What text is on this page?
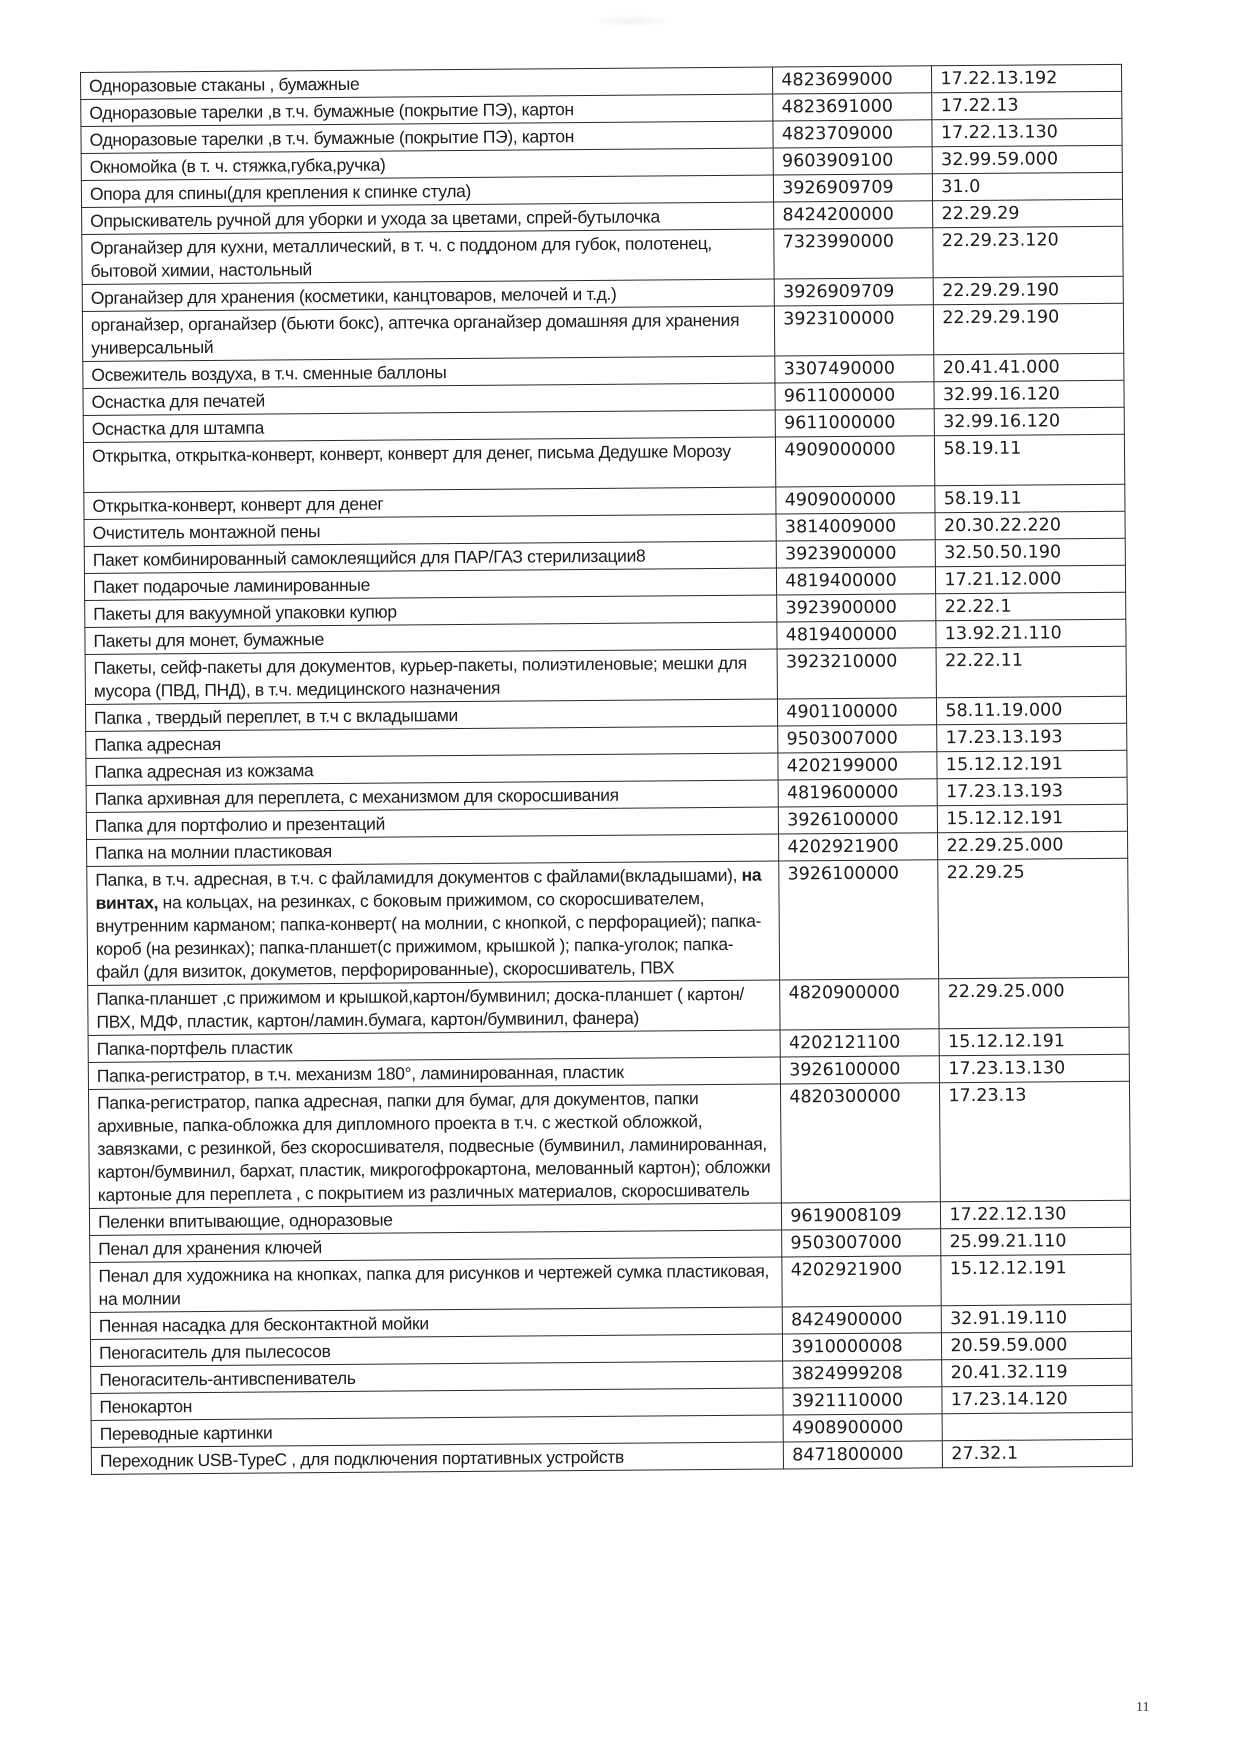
Одноразовые стаканы , бумажные	4823699000	17.22.13.192
Одноразовые тарелки ,в т.ч. бумажные (покрытие ПЭ), картон	4823691000	17.22.13
Одноразовые тарелки ,в т.ч. бумажные (покрытие ПЭ), картон	4823709000	17.22.13.130
Окномойка (в т. ч. стяжка,губка,ручка)	9603909100	32.99.59.000
Опора для спины(для крепления к спинке стула)	3926909709	31.0
Опрыскиватель ручной для уборки и ухода за цветами, спрей-бутылочка	8424200000	22.29.29
Органайзер для кухни, металлический, в т. ч. с поддоном для губок, полотенец, бытовой химии, настольный	7323990000	22.29.23.120
Органайзер для хранения (косметики, канцтоваров, мелочей и т.д.)	3926909709	22.29.29.190
органайзер, органайзер (бьюти бокс), аптечка органайзер домашняя для хранения универсальный	3923100000	22.29.29.190
Освежитель воздуха, в т.ч. сменные баллоны	3307490000	20.41.41.000
Оснастка для печатей	9611000000	32.99.16.120
Оснастка для штампа	9611000000	32.99.16.120
Открытка, открытка-конверт, конверт, конверт для денег, письма Дедушке Морозу	4909000000	58.19.11
Открытка-конверт, конверт для денег	4909000000	58.19.11
Очиститель монтажной пены	3814009000	20.30.22.220
Пакет комбинированный самоклеящийся для ПАР/ГАЗ стерилизации8	3923900000	32.50.50.190
Пакет подарочые ламинированные	4819400000	17.21.12.000
Пакеты для вакуумной упаковки купюр	3923900000	22.22.1
Пакеты для монет, бумажные	4819400000	13.92.21.110
Пакеты, сейф-пакеты для документов, курьер-пакеты, полиэтиленовые; мешки для мусора (ПВД, ПНД), в т.ч. медицинского назначения	3923210000	22.22.11
Папка , твердый переплет, в т.ч с вкладышами	4901100000	58.11.19.000
Папка адресная	9503007000	17.23.13.193
Папка адресная из кожзама	4202199000	15.12.12.191
Папка архивная для переплета, с механизмом для скоросшивания	4819600000	17.23.13.193
Папка для портфолио и презентаций	3926100000	15.12.12.191
Папка на молнии пластиковая	4202921900	22.29.25.000
Папка, в т.ч. адресная, в т.ч. с файламидля документов с файлами(вкладышами), на винтах, на кольцах, на резинках, с боковым прижимом, со скоросшивателем, внутренним карманом; папка-конверт( на молнии, с кнопкой, с перфорацией); папка-короб (на резинках); папка-планшет(с прижимом, крышкой ); папка-уголок; папка-файл (для визиток, докуметов, перфорированные), скоросшиватель, ПВХ	3926100000	22.29.25
Папка-планшет ,с прижимом и крышкой,картон/бумвинил; доска-планшет ( картон/ПВХ, МДФ, пластик, картон/ламин.бумага, картон/бумвинил, фанера)	4820900000	22.29.25.000
Папка-портфель пластик	4202121100	15.12.12.191
Папка-регистратор, в т.ч. механизм 180°, ламинированная, пластик	3926100000	17.23.13.130
Папка-регистратор, папка адресная, папки для бумаг, для документов, папки архивные, папка-обложка для дипломного проекта в т.ч. с жесткой обложкой, завязками, с резинкой, без скоросшивателя, подвесные (бумвинил, ламинированная, картон/бумвинил, бархат, пластик, микрогофрокартона, мелованный картон); обложки картоные для переплета , с покрытием из различных материалов, скоросшиватель	4820300000	17.23.13
Пеленки впитывающие, одноразовые	9619008109	17.22.12.130
Пенал для хранения ключей	9503007000	25.99.21.110
Пенал для художника на кнопках, папка для рисунков и чертежей сумка пластиковая, на молнии	4202921900	15.12.12.191
Пенная насадка для бесконтактной мойки	8424900000	32.91.19.110
Пеногаситель для пылесосов	3910000008	20.59.59.000
Пеногаситель-антивспениватель	3824999208	20.41.32.119
Пенокартон	3921110000	17.23.14.120
Переводные картинки	4908900000	
Переходник USB-TypeC , для подключения портативных устройств	8471800000	27.32.1
11
